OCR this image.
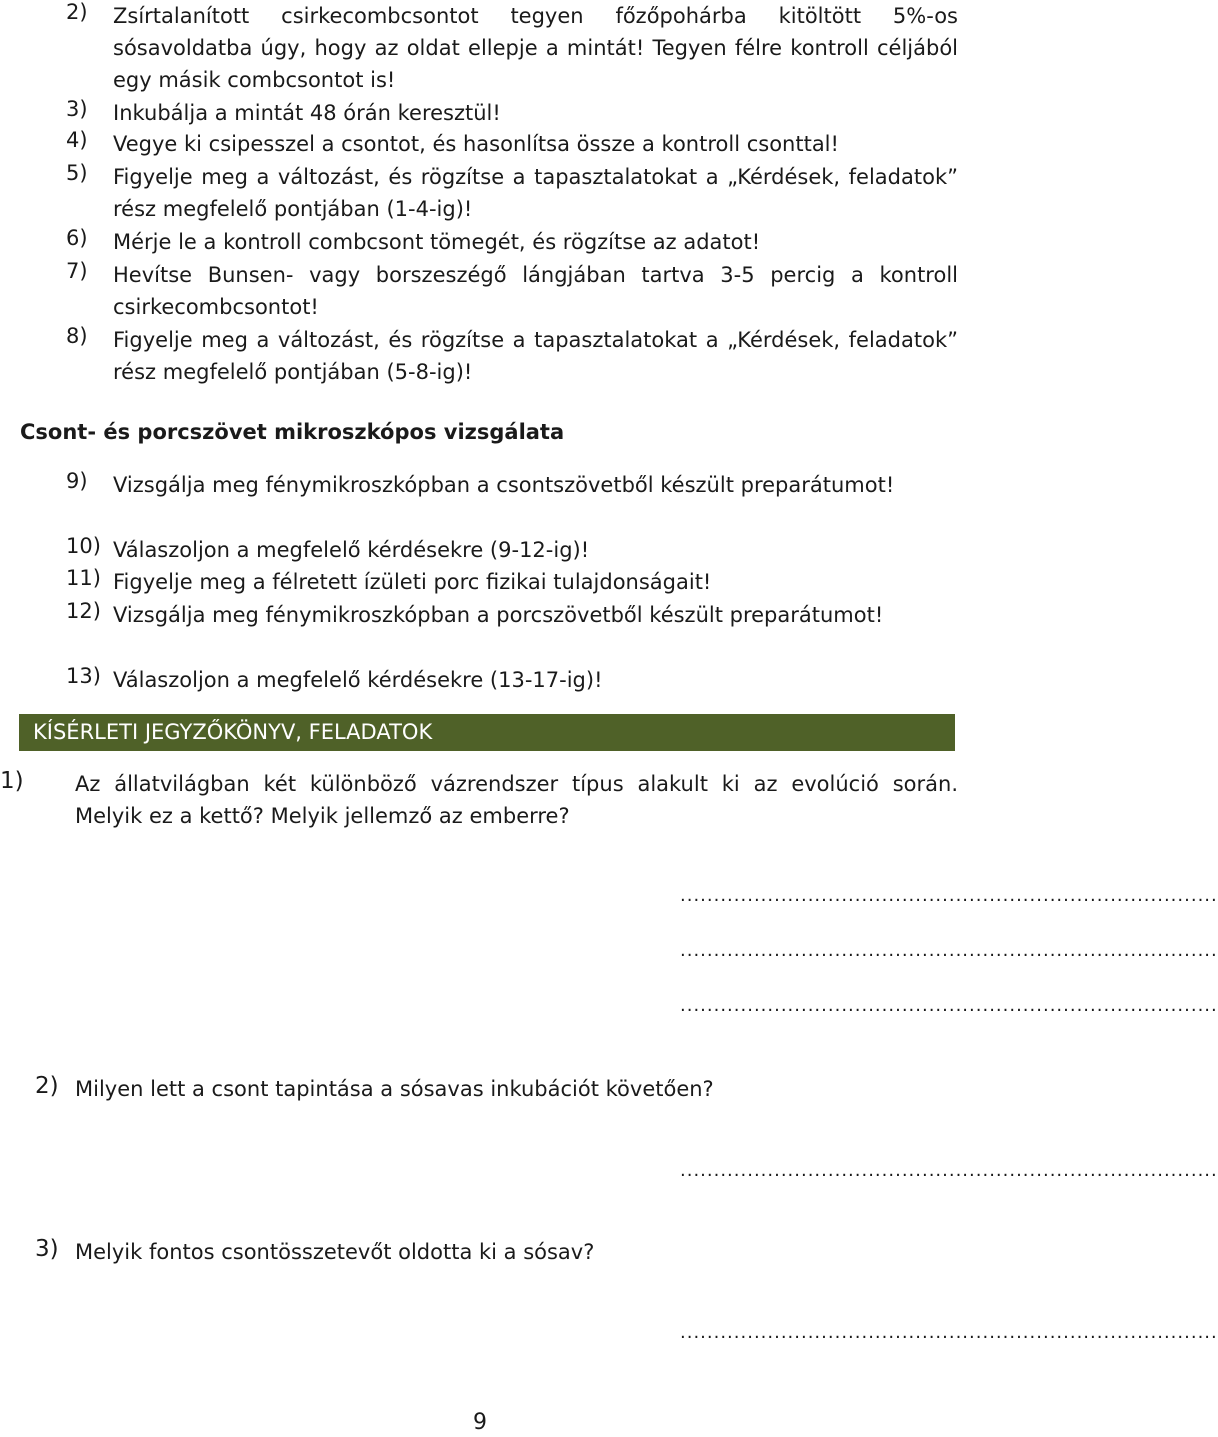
2) Zsírtalanított csirkecombcsontot tegyen főzőpohárba kitöltött 5%-os sósavoldatba úgy, hogy az oldat ellepje a mintát! Tegyen félre kontroll céljából egy másik combcsontot is!
3) Inkubálja a mintát 48 órán keresztül!
4) Vegye ki csipesszel a csontot, és hasonlítsa össze a kontroll csonttal!
5) Figyelje meg a változást, és rögzítse a tapasztalatokat a „Kérdések, feladatok” rész megfelelő pontjában (1-4-ig)!
6) Mérje le a kontroll combcsont tömegét, és rögzítse az adatot!
7) Hevítse Bunsen- vagy borszeszégő lángjában tartva 3-5 percig a kontroll csirkecombcsontot!
8) Figyelje meg a változást, és rögzítse a tapasztalatokat a „Kérdések, feladatok” rész megfelelő pontjában (5-8-ig)!
Csont- és porcszövet mikroszkópos vizsgálata
9) Vizsgálja meg fénymikroszkópban a csontszövetből készült preparátumot!
10) Válaszoljon a megfelelő kérdésekre (9-12-ig)!
11) Figyelje meg a félretett ízületi porc fizikai tulajdonságait!
12) Vizsgálja meg fénymikroszkópban a porcszövetből készült preparátumot!
13) Válaszoljon a megfelelő kérdésekre (13-17-ig)!
KÍSÉRLETI JEGYZŐKÖNYV, FELADATOK
1) Az állatvilágban két különböző vázrendszer típus alakult ki az evolúció során. Melyik ez a kettő? Melyik jellemző az emberre?
................................................................................
................................................................................
................................................................................
2) Milyen lett a csont tapintása a sósavas inkubációt követően?
................................................................................
3) Melyik fontos csontösszetevőt oldotta ki a sósav?
................................................................................
9
